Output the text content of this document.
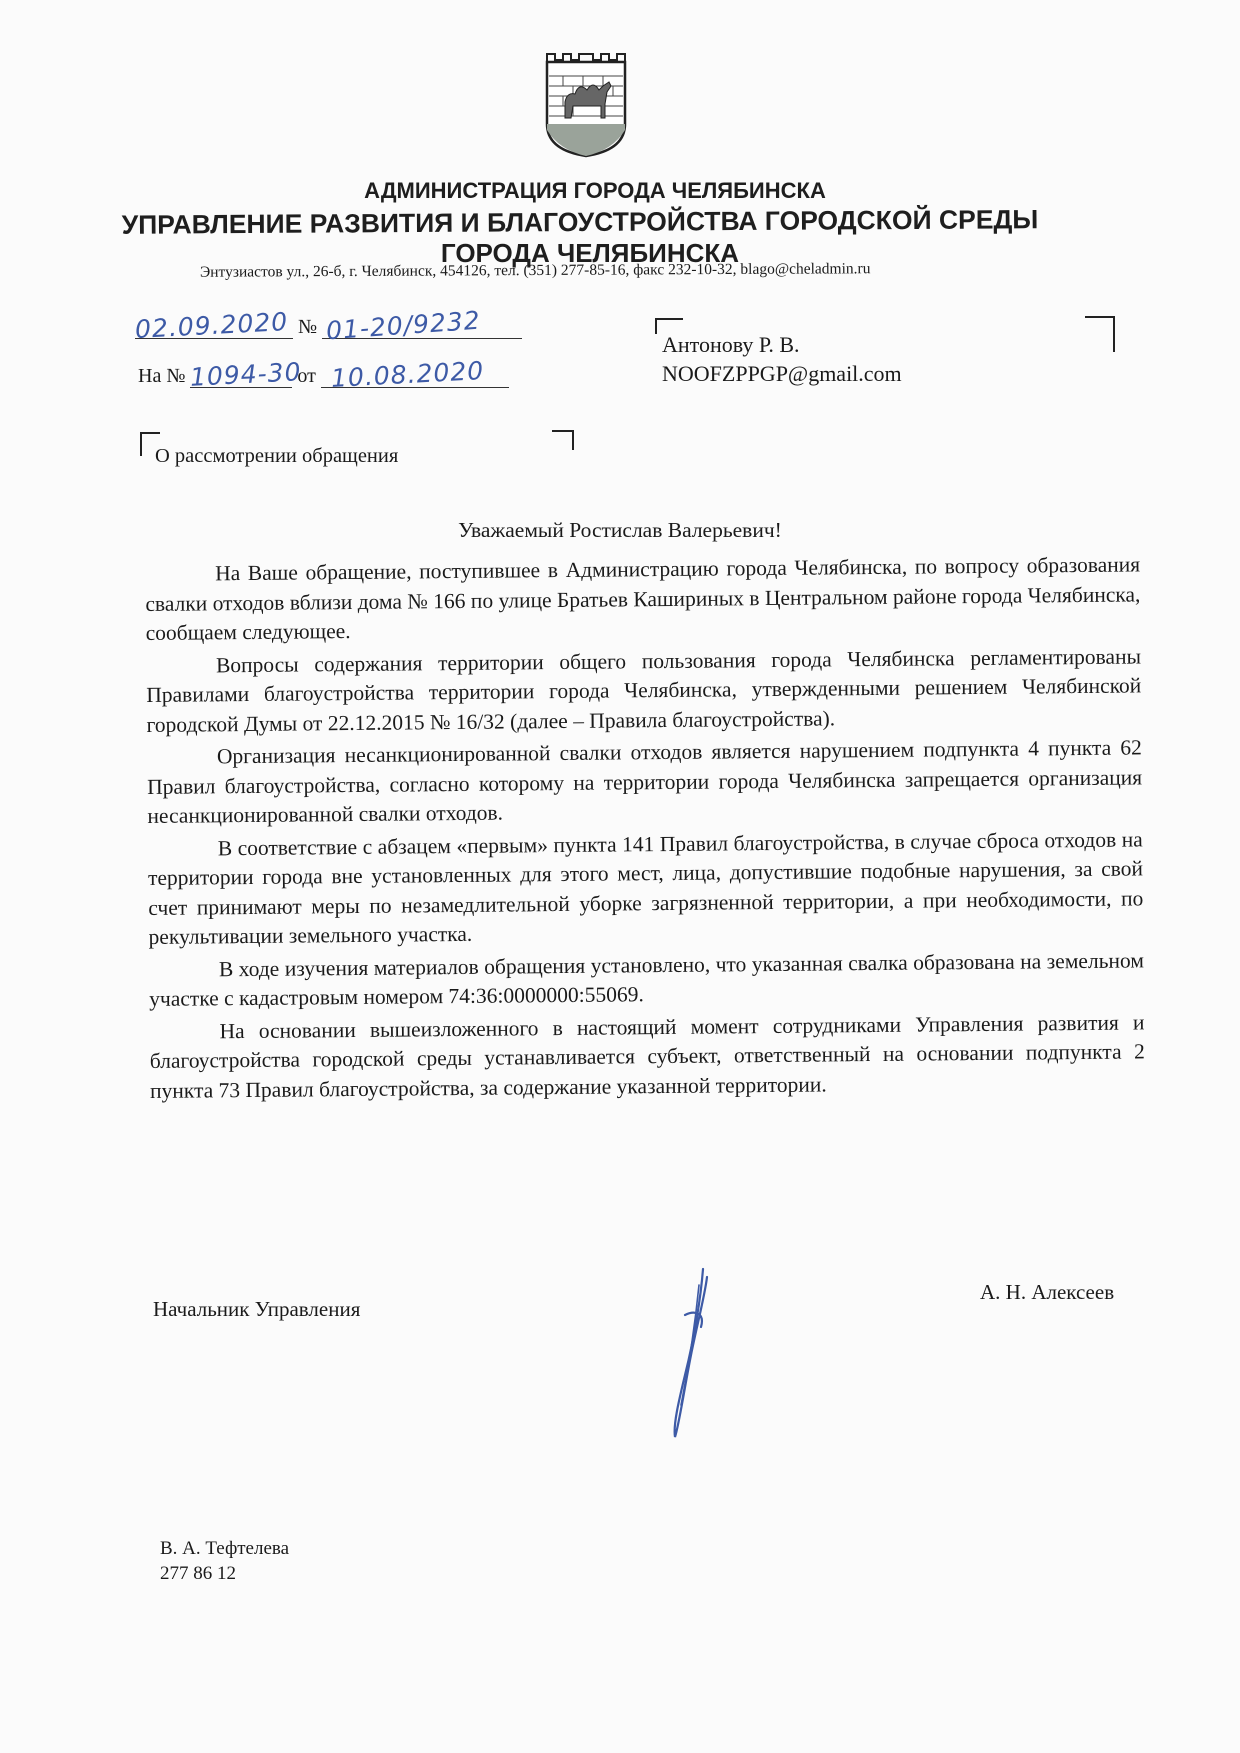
АДМИНИСТРАЦИЯ ГОРОДА ЧЕЛЯБИНСКА
УПРАВЛЕНИЕ РАЗВИТИЯ И БЛАГОУСТРОЙСТВА ГОРОДСКОЙ СРЕДЫ
ГОРОДА ЧЕЛЯБИНСКА
Энтузиастов ул., 26-б, г. Челябинск, 454126, тел. (351) 277-85-16, факс 232-10-32, blago@cheladmin.ru
02.09.2020 № 01-20/9232
На № 1094-30
от 10.08.2020
Антонову Р. В.
NOOFZPPGP@gmail.com
О рассмотрении обращения
Уважаемый Ростислав Валерьевич!

На Ваше обращение, поступившее в Администрацию города Челябинска, по вопросу образования свалки отходов вблизи дома № 166 по улице Братьев Кашириных в Центральном районе города Челябинска, сообщаем следующее.

Вопросы содержания территории общего пользования города Челябинска регламентированы Правилами благоустройства территории города Челябинска, утвержденными решением Челябинской городской Думы от 22.12.2015 № 16/32 (далее – Правила благоустройства).

Организация несанкционированной свалки отходов является нарушением подпункта 4 пункта 62 Правил благоустройства, согласно которому на территории города Челябинска запрещается организация несанкционированной свалки отходов.

В соответствие с абзацем «первым» пункта 141 Правил благоустройства, в случае сброса отходов на территории города вне установленных для этого мест, лица, допустившие подобные нарушения, за свой счет принимают меры по незамедлительной уборке загрязненной территории, а при необходимости, по рекультивации земельного участка.

В ходе изучения материалов обращения установлено, что указанная свалка образована на земельном участке с кадастровым номером 74:36:0000000:55069.

На основании вышеизложенного в настоящий момент сотрудниками Управления развития и благоустройства городской среды устанавливается субъект, ответственный на основании подпункта 2 пункта 73 Правил благоустройства, за содержание указанной территории.

Начальник Управления
А. Н. Алексеев
В. А. Тефтелева
277 86 12
